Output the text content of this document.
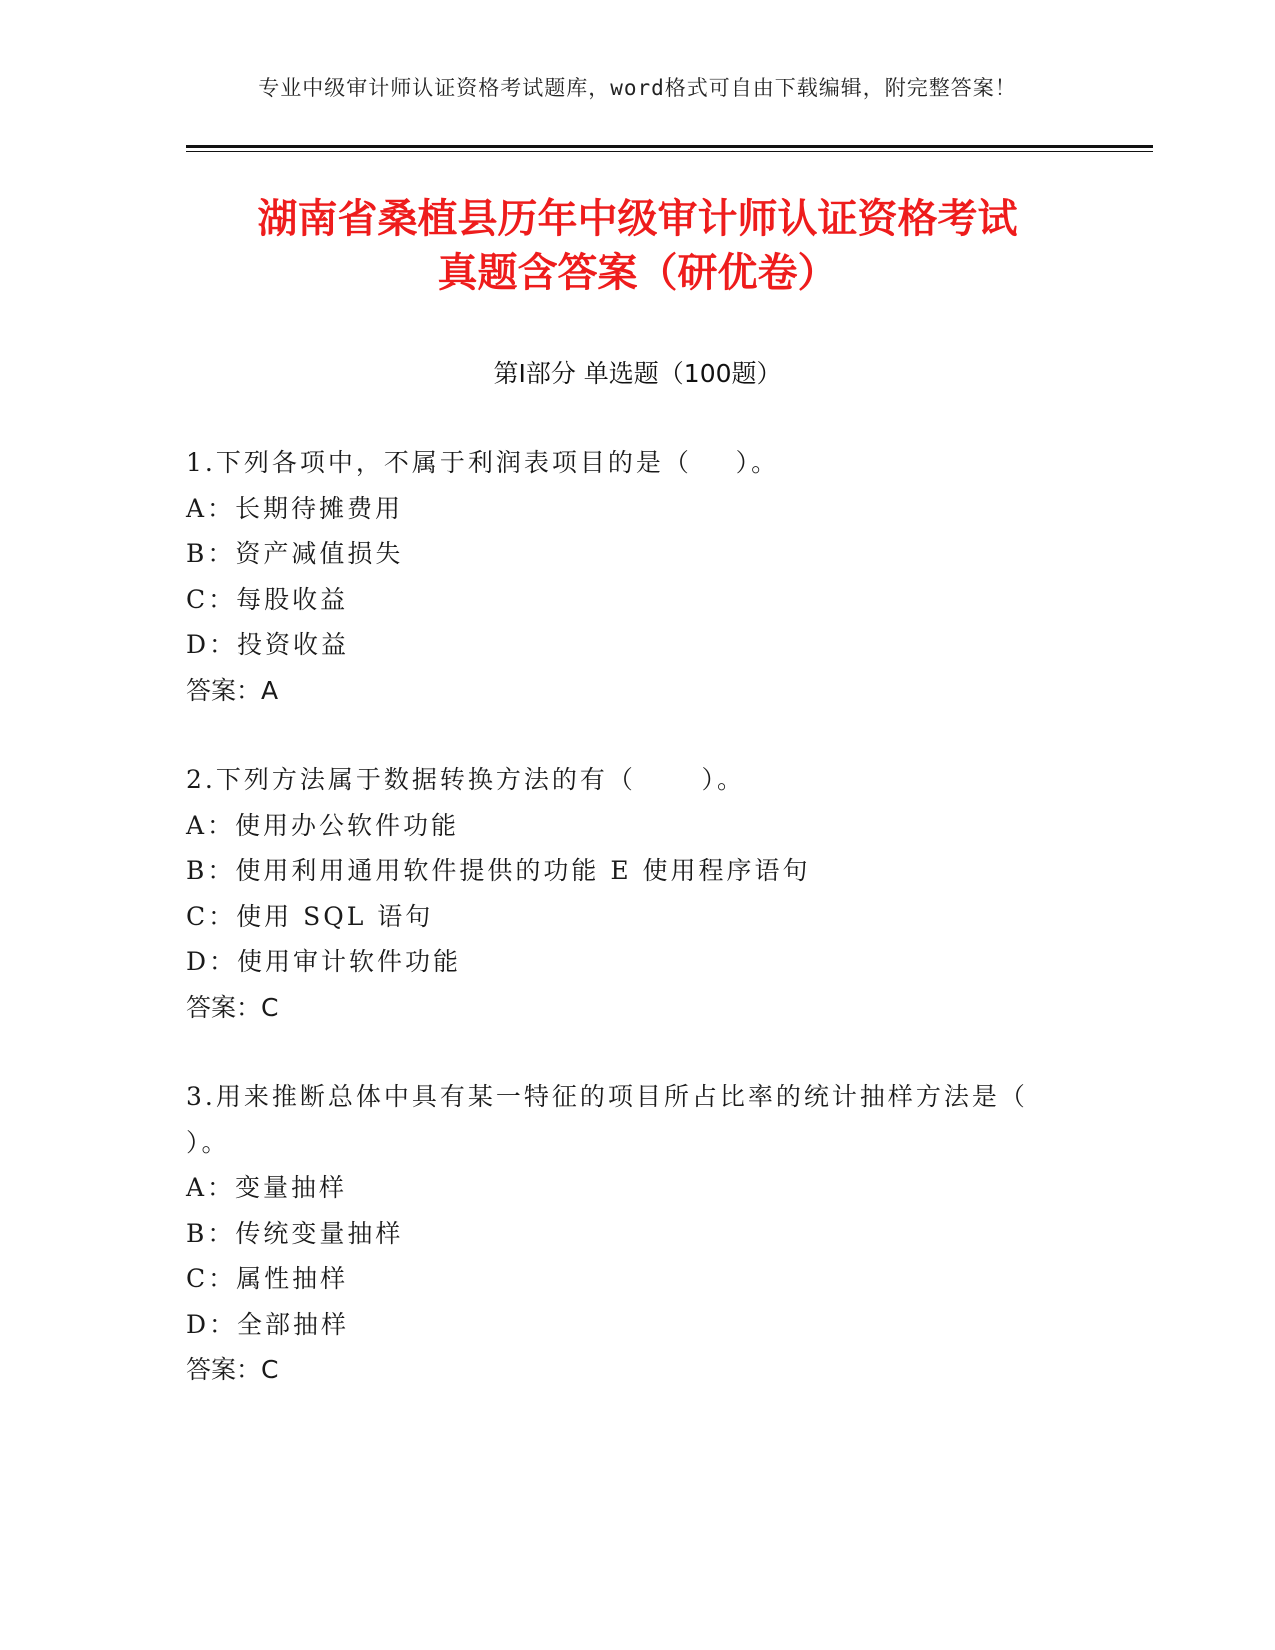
专业中级审计师认证资格考试题库，word格式可自由下载编辑，附完整答案！
湖南省桑植县历年中级审计师认证资格考试
真题含答案（研优卷）
第Ⅰ部分 单选题（100题）
1.下列各项中，不属于利润表项目的是（    ）。
A：长期待摊费用
B：资产减值损失
C：每股收益
D：投资收益
答案：A
2.下列方法属于数据转换方法的有（      ）。
A：使用办公软件功能
B：使用利用通用软件提供的功能 E 使用程序语句
C：使用 SQL 语句
D：使用审计软件功能
答案：C
3.用来推断总体中具有某一特征的项目所占比率的统计抽样方法是（
）。
A：变量抽样
B：传统变量抽样
C：属性抽样
D：全部抽样
答案：C
